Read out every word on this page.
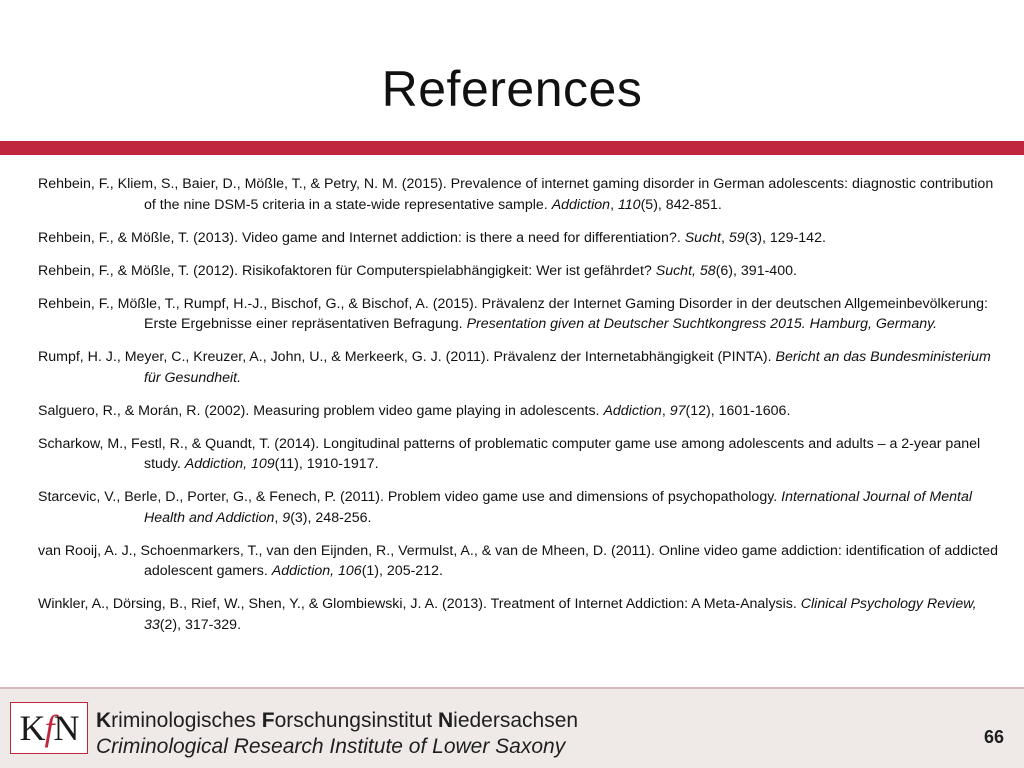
References
Rehbein, F., Kliem, S., Baier, D., Mößle, T., & Petry, N. M. (2015). Prevalence of internet gaming disorder in German adolescents: diagnostic contribution of the nine DSM-5 criteria in a state-wide representative sample. Addiction, 110(5), 842-851.
Rehbein, F., & Mößle, T. (2013). Video game and Internet addiction: is there a need for differentiation?. Sucht, 59(3), 129-142.
Rehbein, F., & Mößle, T. (2012). Risikofaktoren für Computerspielabhängigkeit: Wer ist gefährdet? Sucht, 58(6), 391-400.
Rehbein, F., Mößle, T., Rumpf, H.-J., Bischof, G., & Bischof, A. (2015). Prävalenz der Internet Gaming Disorder in der deutschen Allgemeinbevölkerung: Erste Ergebnisse einer repräsentativen Befragung. Presentation given at Deutscher Suchtkongress 2015. Hamburg, Germany.
Rumpf, H. J., Meyer, C., Kreuzer, A., John, U., & Merkeerk, G. J. (2011). Prävalenz der Internetabhängigkeit (PINTA). Bericht an das Bundesministerium für Gesundheit.
Salguero, R., & Morán, R. (2002). Measuring problem video game playing in adolescents. Addiction, 97(12), 1601-1606.
Scharkow, M., Festl, R., & Quandt, T. (2014). Longitudinal patterns of problematic computer game use among adolescents and adults – a 2-year panel study. Addiction, 109(11), 1910-1917.
Starcevic, V., Berle, D., Porter, G., & Fenech, P. (2011). Problem video game use and dimensions of psychopathology. International Journal of Mental Health and Addiction, 9(3), 248-256.
van Rooij, A. J., Schoenmarkers, T., van den Eijnden, R., Vermulst, A., & van de Mheen, D. (2011). Online video game addiction: identification of addicted adolescent gamers. Addiction, 106(1), 205-212.
Winkler, A., Dörsing, B., Rief, W., Shen, Y., & Glombiewski, J. A. (2013). Treatment of Internet Addiction: A Meta-Analysis. Clinical Psychology Review, 33(2), 317-329.
KfN Kriminologisches Forschungsinstitut Niedersachsen
Criminological Research Institute of Lower Saxony	66
